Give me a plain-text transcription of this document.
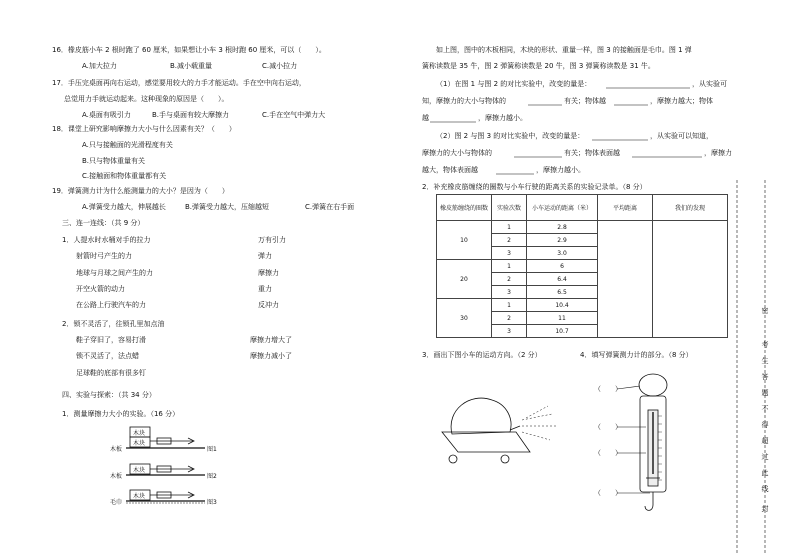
16．橡皮筋小车 2 根时跑了 60 厘米，如果想让小车 3 根时跑 60 厘米，可以（　　）。
A.加大拉力	B.减小载重量	C.减小拉力
17．手压完桌面再向右运动，感觉要用较大的力手才能运动。手在空中向右运动，
总觉用力手就运动起来。这种现象的原因是（　　）。
A.桌面有吸引力	B.手与桌面有较大摩擦力	C.手在空气中弹力大
18．课堂上研究影响摩擦力大小与什么因素有关？（　　）
A.只与接触面的光滑程度有关
B.只与物体重量有关
C.接触面和物体重量都有关
19．弹簧测力计为什么能测量力的大小？是因为（　　）
A.弹簧受力越大，伸展越长	B.弹簧受力越大，压缩越短	C.弹簧在右手面
三、连一连线：（共 9 分）
1．人提水时水桶对手的拉力
射箭时弓产生的力
地球与月球之间产生的力
开空火箭的动力
在公路上行驶汽车的力
万有引力
弹力
摩擦力
重力
反冲力
2．锁不灵活了，往锁孔里加点油
鞋子穿旧了，容易打滑
锁不灵活了，法点蜡
足球鞋的底部有很多钉
摩擦力增大了
摩擦力减小了
四、实验与探索：（共 34 分）
1．测量摩擦力大小的实验。（16 分）
木块
木块
木板	图1
木块
木板	图2
木块
毛巾	图3
如上图，图中的木板相同，木块的形状、重量一样，图 3 的接触面是毛巾。图 1 弹
簧称读数是 35 牛，图 2 弹簧称读数是 20 牛，图 3 弹簧称读数是 31 牛。
（1）在图 1 与图 2 的对比实验中，改变的量是：	，从实验可
知，摩擦力的大小与物体的	有关；物体越	，摩擦力越大；物体
越	，摩擦力越小。
（2）图 2 与图 3 的对比实验中，改变的量是：	，从实验可以知道，
摩擦力的大小与物体的	有关；物体表面越	，摩擦力
越大，物体表面越	，摩擦力越小。
2．补充橡皮筋缠绕的圈数与小车行驶的距离关系的实验记录单。（8 分）
橡皮筋缠绕的圈数	实验次数	小车运动的距离（米）	平均距离	我们的发现
10	1	2.8		
	2	2.9		
	3	3.0		
20	1	6		
	2	6.4		
	3	6.5		
30	1	10.4		
	2	11		
	3	10.7		
3．画出下图小车的运动方向。（2 分）	4．填写弹簧测力计的部分。（8 分）
（　　）
（　　）
（　　）
（　　）
密
考
生
答
题
不
得
超
过
此
线
封
